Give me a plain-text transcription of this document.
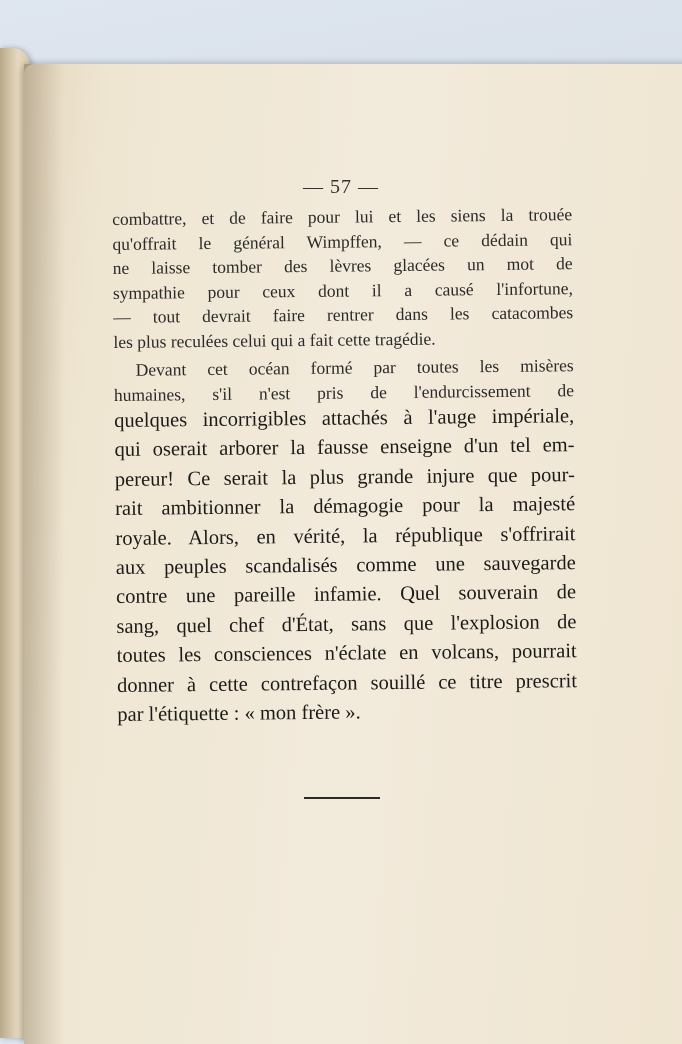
​
— 57 —
combattre, et de faire pour lui et les siens la trouée
qu'offrait le général Wimpffen, — ce dédain qui
ne laisse tomber des lèvres glacées un mot de
sympathie pour ceux dont il a causé l'infortune,
— tout devrait faire rentrer dans les catacombes
les plus reculées celui qui a fait cette tragédie.
Devant cet océan formé par toutes les misères
humaines, s'il n'est pris de l'endurcissement de
quelques incorrigibles attachés à l'auge impériale,
qui oserait arborer la fausse enseigne d'un tel em-
pereur! Ce serait la plus grande injure que pour-
rait ambitionner la démagogie pour la majesté
royale. Alors, en vérité, la république s'offrirait
aux peuples scandalisés comme une sauvegarde
contre une pareille infamie. Quel souverain de
sang, quel chef d'État, sans que l'explosion de
toutes les consciences n'éclate en volcans, pourrait
donner à cette contrefaçon souillé ce titre prescrit
par l'étiquette : « mon frère ».
